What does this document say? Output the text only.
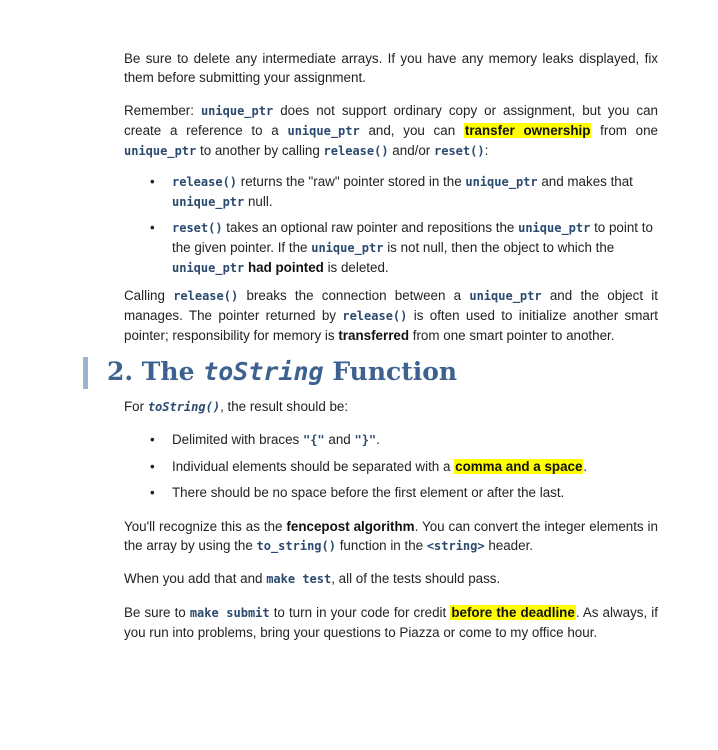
Be sure to delete any intermediate arrays. If you have any memory leaks displayed, fix them before submitting your assignment.

Remember: unique_ptr does not support ordinary copy or assignment, but you can create a reference to a unique_ptr and, you can transfer ownership from one unique_ptr to another by calling release() and/or reset():

• release() returns the "raw" pointer stored in the unique_ptr and makes that unique_ptr null.
• reset() takes an optional raw pointer and repositions the unique_ptr to point to the given pointer. If the unique_ptr is not null, then the object to which the unique_ptr had pointed is deleted.

Calling release() breaks the connection between a unique_ptr and the object it manages. The pointer returned by release() is often used to initialize another smart pointer; responsibility for memory is transferred from one smart pointer to another.

2. The toString Function

For toString(), the result should be:

• Delimited with braces "{" and "}".
• Individual elements should be separated with a comma and a space.
• There should be no space before the first element or after the last.

You'll recognize this as the fencepost algorithm. You can convert the integer elements in the array by using the to_string() function in the <string> header.

When you add that and make test, all of the tests should pass.

Be sure to make submit to turn in your code for credit before the deadline. As always, if you run into problems, bring your questions to Piazza or come to my office hour.
